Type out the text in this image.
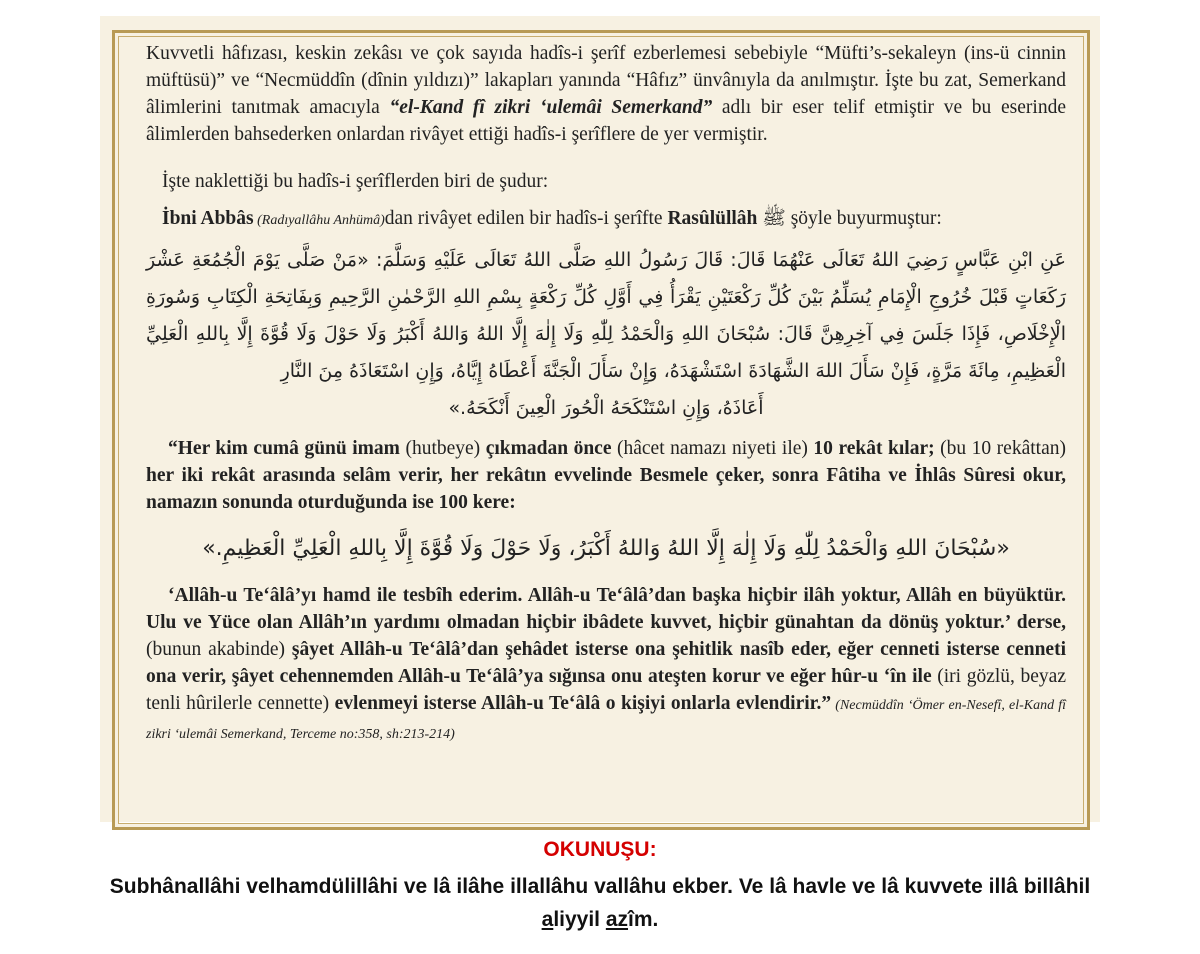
Kuvvetli hâfızası, keskin zekâsı ve çok sayıda hadîs-i şerîf ezberlemesi sebebiyle “Müfti’s-sekaleyn (ins-ü cinnin müftüsü)” ve “Necmüddîn (dînin yıldızı)” lakapları yanında “Hâfız” ünvânıyla da anılmıştır. İşte bu zat, Semerkand âlimlerini tanıtmak amacıyla “el-Kand fî zikri ‘ulemâi Semerkand” adlı bir eser telif etmiştir ve bu eserinde âlimlerden bahsederken onlardan rivâyet ettiği hadîs-i şerîflere de yer vermiştir.

İşte naklettiği bu hadîs-i şerîflerden biri de şudur:

İbni Abbâs (Radıyallâhu Anhümâ)dan rivâyet edilen bir hadîs-i şerîfte Rasûlüllâh ﷺ şöyle buyurmuştur:

عَنِ ابْنِ عَبَّاسٍ رَضِيَ اللهُ تَعَالَى عَنْهُمَا قَالَ: قَالَ رَسُولُ اللهِ صَلَّى اللهُ تَعَالَى عَلَيْهِ وَسَلَّمَ: «مَنْ صَلَّى يَوْمَ الْجُمُعَةِ عَشْرَ رَكَعَاتٍ قَبْلَ خُرُوجِ الْإِمَامِ يُسَلِّمُ بَيْنَ كُلِّ رَكْعَتَيْنِ يَقْرَأُ فِي أَوَّلِ كُلِّ رَكْعَةٍ بِسْمِ اللهِ الرَّحْمٰنِ الرَّحِيمِ وَبِفَاتِحَةِ الْكِتَابِ وَسُورَةِ الْإِخْلَاصِ، فَإِذَا جَلَسَ فِي آخِرِهِنَّ قَالَ: سُبْحَانَ اللهِ وَالْحَمْدُ لِلّٰهِ وَلَا إِلٰهَ إِلَّا اللهُ وَاللهُ أَكْبَرُ وَلَا حَوْلَ وَلَا قُوَّةَ إِلَّا بِاللهِ الْعَلِيِّ الْعَظِيمِ، مِائَةَ مَرَّةٍ، فَإِنْ سَأَلَ اللهَ الشَّهَادَةَ اسْتَشْهَدَهُ، وَإِنْ سَأَلَ الْجَنَّةَ أَعْطَاهُ إِيَّاهُ، وَإِنِ اسْتَعَاذَهُ مِنَ النَّارِ
أَعَاذَهُ، وَإِنِ اسْتَنْكَحَهُ الْحُورَ الْعِينَ أَنْكَحَهُ.»

“Her kim cumâ günü imam (hutbeye) çıkmadan önce (hâcet namazı niyeti ile) 10 rekât kılar; (bu 10 rekâttan) her iki rekât arasında selâm verir, her rekâtın evvelinde Besmele çeker, sonra Fâtiha ve İhlâs Sûresi okur, namazın sonunda oturduğunda ise 100 kere:

«سُبْحَانَ اللهِ وَالْحَمْدُ لِلّٰهِ وَلَا إِلٰهَ إِلَّا اللهُ وَاللهُ أَكْبَرُ، وَلَا حَوْلَ وَلَا قُوَّةَ إِلَّا بِاللهِ الْعَلِيِّ الْعَظِيمِ.»

‘Allâh-u Te‘âlâ’yı hamd ile tesbîh ederim. Allâh-u Te‘âlâ’dan başka hiçbir ilâh yoktur, Allâh en büyüktür. Ulu ve Yüce olan Allâh’ın yardımı olmadan hiçbir ibâdete kuvvet, hiçbir günahtan da dönüş yoktur.’ derse, (bunun akabinde) şâyet Allâh-u Te‘âlâ’dan şehâdet isterse ona şehitlik nasîb eder, eğer cenneti isterse cenneti ona verir, şâyet cehennemden Allâh-u Te‘âlâ’ya sığınsa onu ateşten korur ve eğer hûr-u ‘în ile (iri gözlü, beyaz tenli hûrilerle cennette) evlenmeyi isterse Allâh-u Te‘âlâ o kişiyi onlarla evlendirir.” (Necmüddîn ‘Ömer en-Nesefî, el-Kand fî zikri ‘ulemâi Semerkand, Terceme no:358, sh:213-214)

OKUNUŞU:
Subhânallâhi velhamdülillâhi ve lâ ilâhe illallâhu vallâhu ekber. Ve lâ havle ve lâ kuvvete illâ billâhil aliyyil azîm.
